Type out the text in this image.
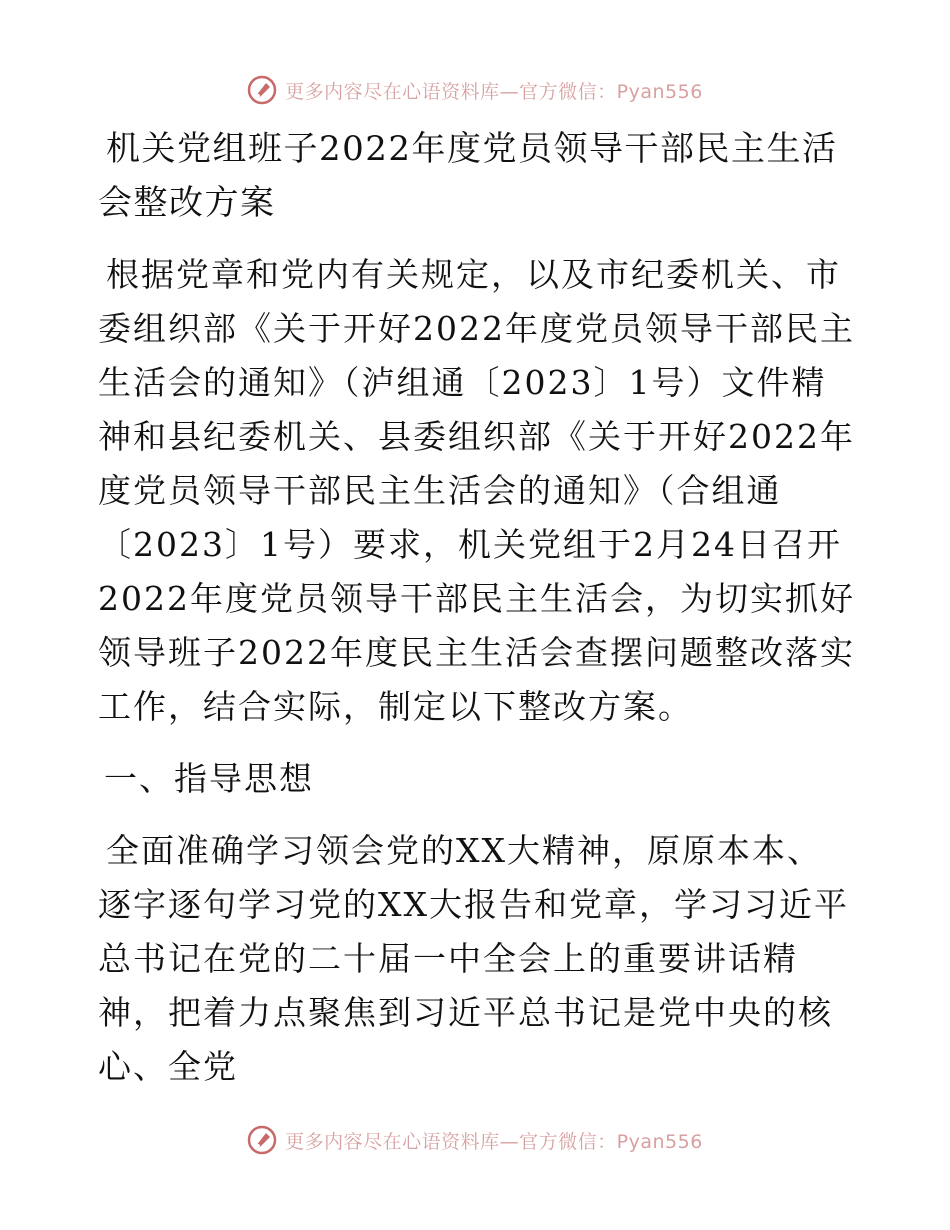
更多内容尽在心语资料库—官方微信：Pyan556
机关党组班子2022年度党员领导干部民主生活会整改方案

根据党章和党内有关规定，以及市纪委机关、市委组织部《关于开好2022年度党员领导干部民主生活会的通知》（泸组通〔2023〕1号）文件精神和县纪委机关、县委组织部《关于开好2022年度党员领导干部民主生活会的通知》（合组通〔2023〕1号）要求，机关党组于2月24日召开2022年度党员领导干部民主生活会，为切实抓好领导班子2022年度民主生活会查摆问题整改落实工作，结合实际，制定以下整改方案。

一、指导思想

全面准确学习领会党的XX大精神，原原本本、逐字逐句学习党的XX大报告和党章，学习习近平总书记在党的二十届一中全会上的重要讲话精神，把着力点聚焦到习近平总书记是党中央的核心、全党

更多内容尽在心语资料库—官方微信：Pyan556
